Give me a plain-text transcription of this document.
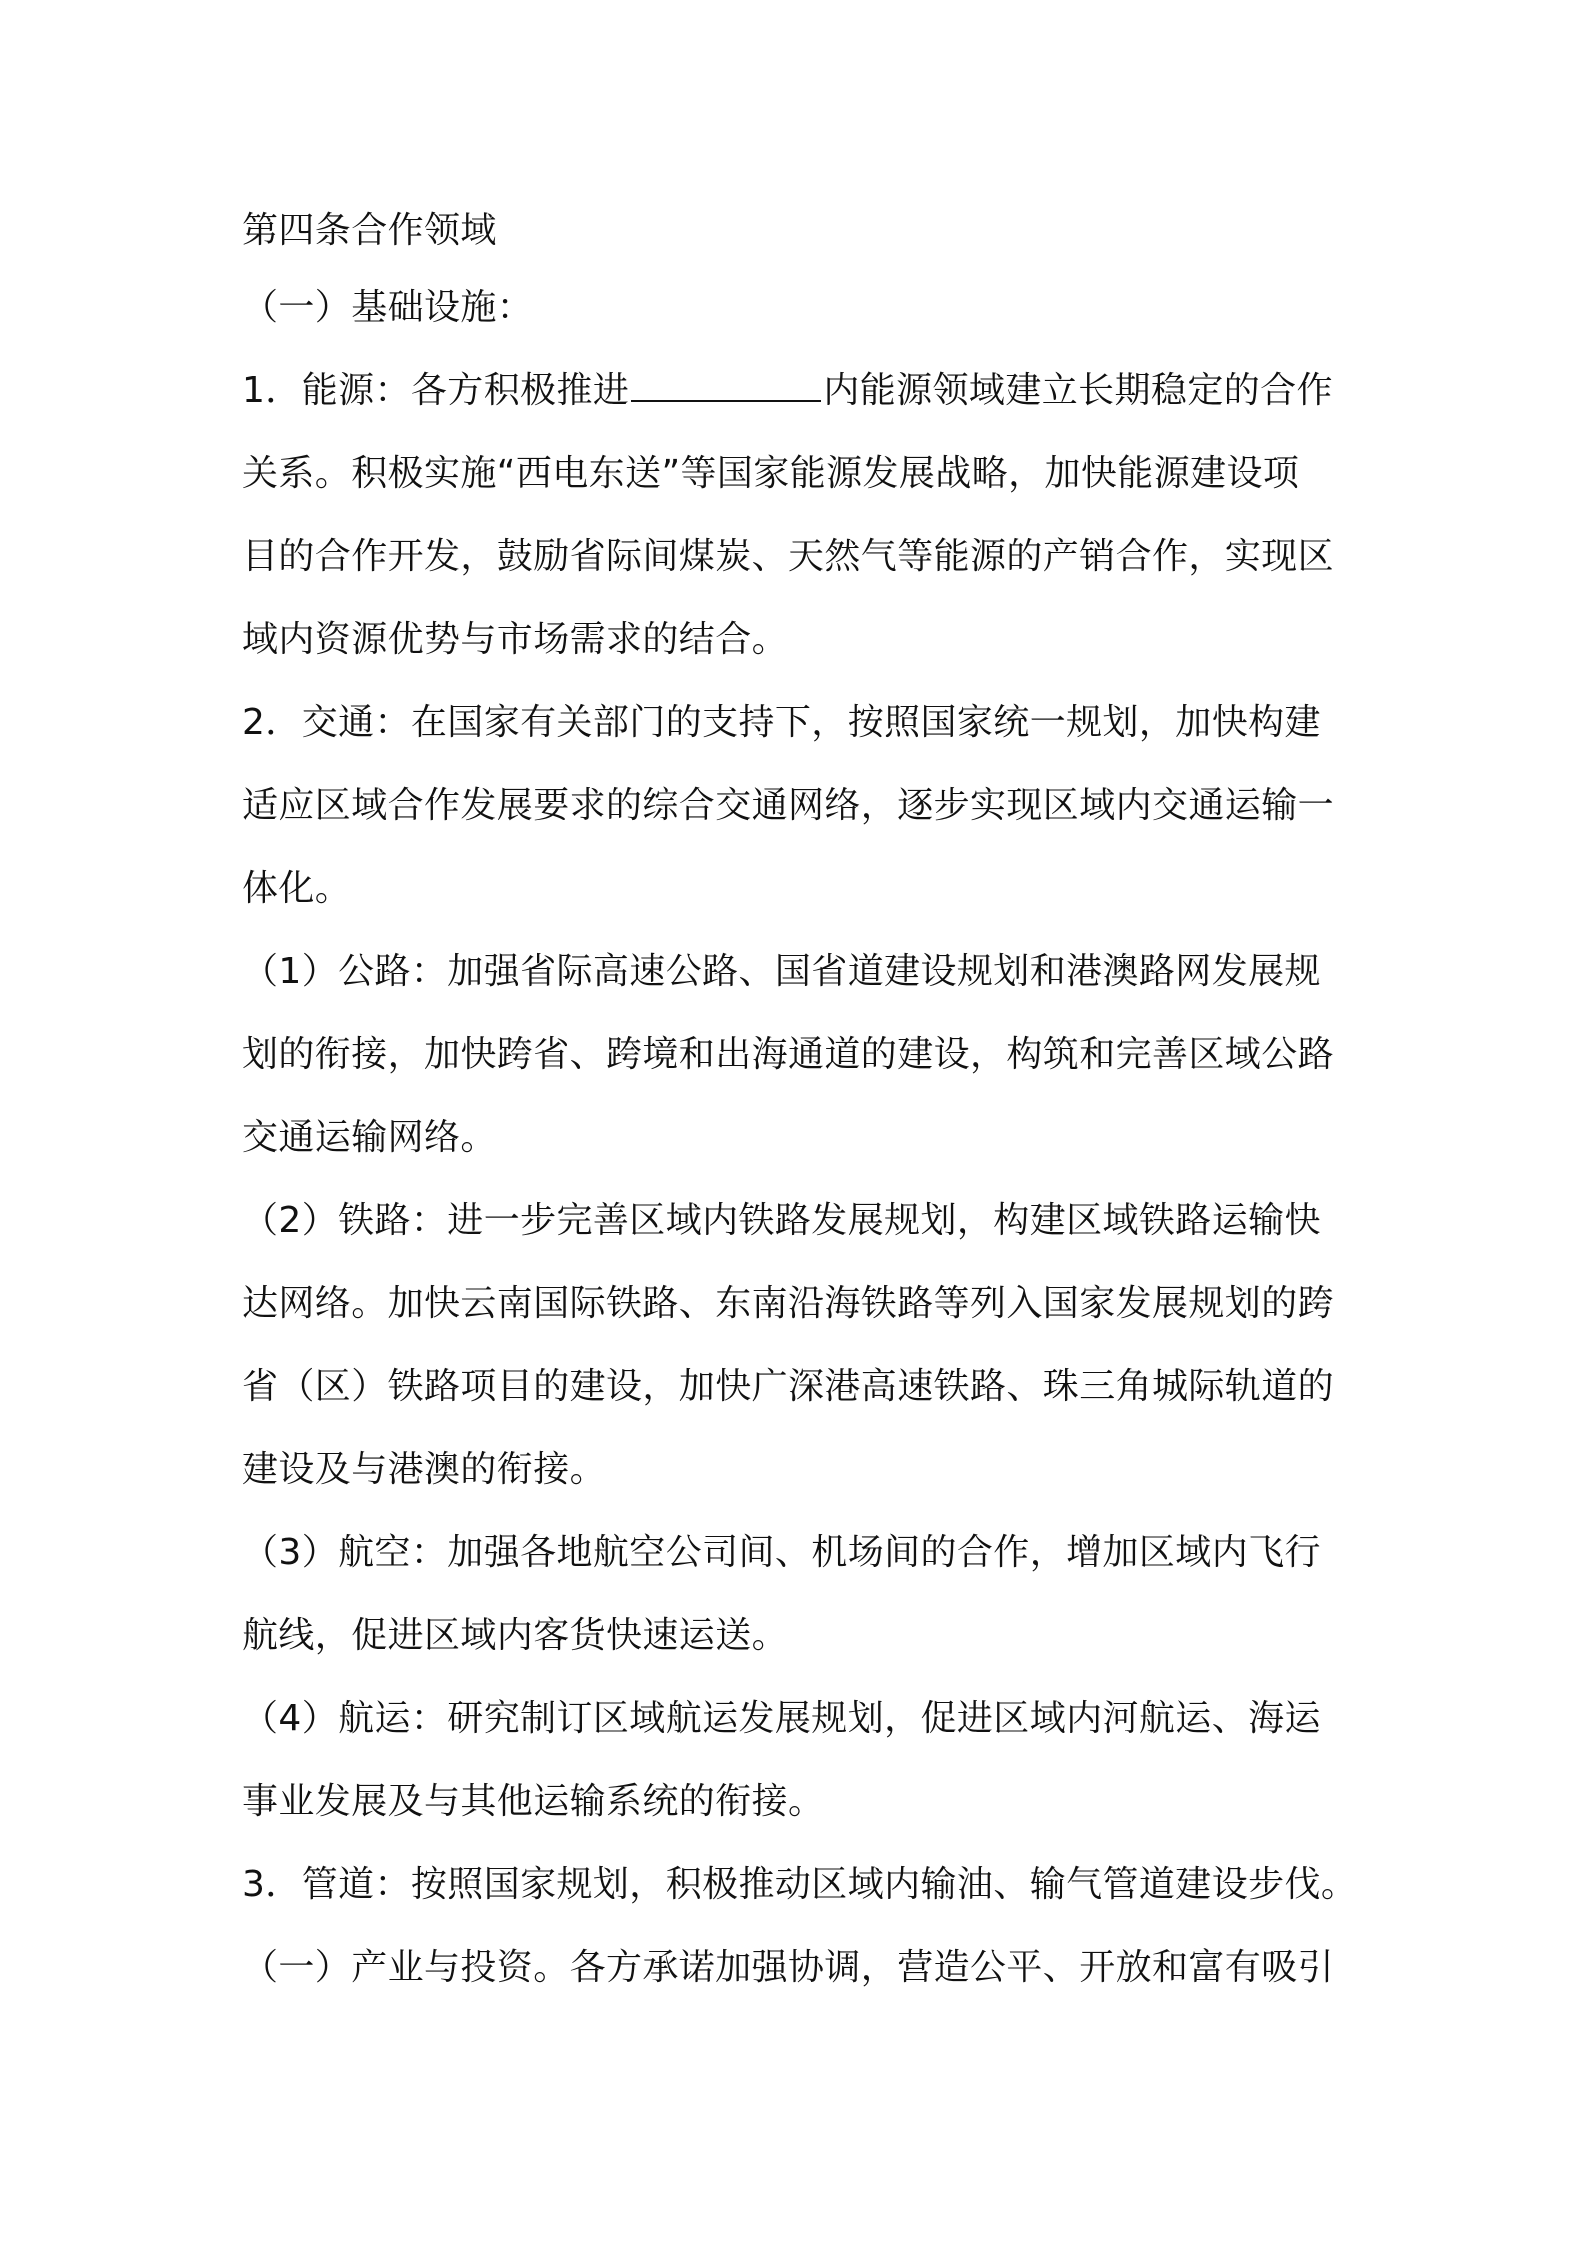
第四条合作领域
（一）基础设施：
1．能源：各方积极推进	内能源领域建立长期稳定的合作
关系。积极实施“西电东送”等国家能源发展战略，加快能源建设项
目的合作开发，鼓励省际间煤炭、天然气等能源的产销合作，实现区
域内资源优势与市场需求的结合。
2．交通：在国家有关部门的支持下，按照国家统一规划，加快构建
适应区域合作发展要求的综合交通网络，逐步实现区域内交通运输一
体化。
（1）公路：加强省际高速公路、国省道建设规划和港澳路网发展规
划的衔接，加快跨省、跨境和出海通道的建设，构筑和完善区域公路
交通运输网络。
（2）铁路：进一步完善区域内铁路发展规划，构建区域铁路运输快
达网络。加快云南国际铁路、东南沿海铁路等列入国家发展规划的跨
省（区）铁路项目的建设，加快广深港高速铁路、珠三角城际轨道的
建设及与港澳的衔接。
（3）航空：加强各地航空公司间、机场间的合作，增加区域内飞行
航线，促进区域内客货快速运送。
（4）航运：研究制订区域航运发展规划，促进区域内河航运、海运
事业发展及与其他运输系统的衔接。
3．管道：按照国家规划，积极推动区域内输油、输气管道建设步伐。
（一）产业与投资。各方承诺加强协调，营造公平、开放和富有吸引
